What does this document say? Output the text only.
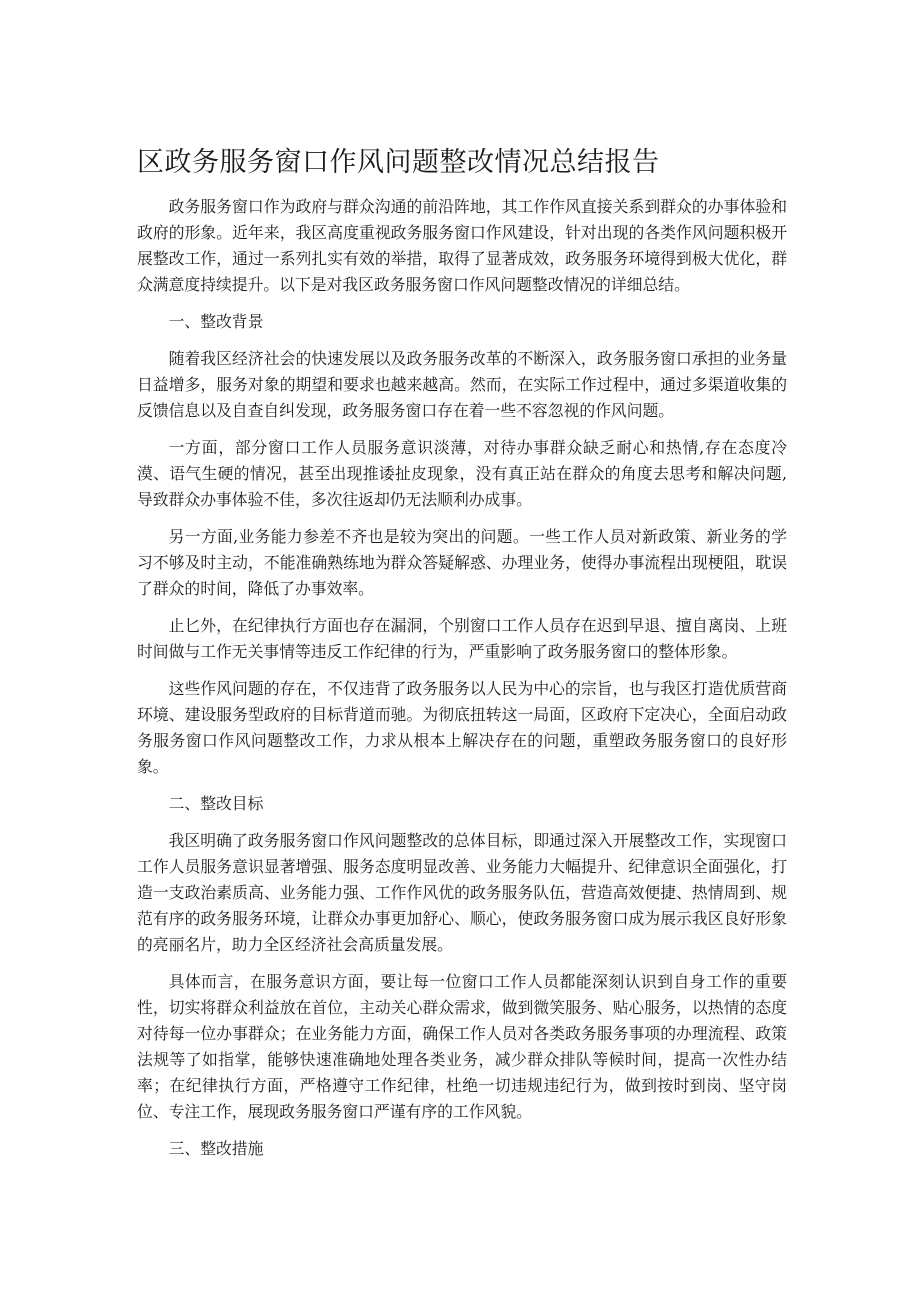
区政务服务窗口作风问题整改情况总结报告

政务服务窗口作为政府与群众沟通的前沿阵地，其工作作风直接关系到群众的办事体验和政府的形象。近年来，我区高度重视政务服务窗口作风建设，针对出现的各类作风问题积极开展整改工作，通过一系列扎实有效的举措，取得了显著成效，政务服务环境得到极大优化，群众满意度持续提升。以下是对我区政务服务窗口作风问题整改情况的详细总结。

一、整改背景

随着我区经济社会的快速发展以及政务服务改革的不断深入，政务服务窗口承担的业务量日益增多，服务对象的期望和要求也越来越高。然而，在实际工作过程中，通过多渠道收集的反馈信息以及自查自纠发现，政务服务窗口存在着一些不容忽视的作风问题。

一方面，部分窗口工作人员服务意识淡薄，对待办事群众缺乏耐心和热情,存在态度冷漠、语气生硬的情况，甚至出现推诿扯皮现象，没有真正站在群众的角度去思考和解决问题,导致群众办事体验不佳，多次往返却仍无法顺利办成事。

另一方面,业务能力参差不齐也是较为突出的问题。一些工作人员对新政策、新业务的学习不够及时主动，不能准确熟练地为群众答疑解惑、办理业务，使得办事流程出现梗阻，耽误了群众的时间，降低了办事效率。

止匕外，在纪律执行方面也存在漏洞，个别窗口工作人员存在迟到早退、擅自离岗、上班时间做与工作无关事情等违反工作纪律的行为，严重影响了政务服务窗口的整体形象。

这些作风问题的存在，不仅违背了政务服务以人民为中心的宗旨，也与我区打造优质营商环境、建设服务型政府的目标背道而驰。为彻底扭转这一局面，区政府下定决心，全面启动政务服务窗口作风问题整改工作，力求从根本上解决存在的问题，重塑政务服务窗口的良好形象。

二、整改目标

我区明确了政务服务窗口作风问题整改的总体目标，即通过深入开展整改工作，实现窗口工作人员服务意识显著增强、服务态度明显改善、业务能力大幅提升、纪律意识全面强化，打造一支政治素质高、业务能力强、工作作风优的政务服务队伍，营造高效便捷、热情周到、规范有序的政务服务环境，让群众办事更加舒心、顺心，使政务服务窗口成为展示我区良好形象的亮丽名片，助力全区经济社会高质量发展。

具体而言，在服务意识方面，要让每一位窗口工作人员都能深刻认识到自身工作的重要性，切实将群众利益放在首位，主动关心群众需求，做到微笑服务、贴心服务，以热情的态度对待每一位办事群众；在业务能力方面，确保工作人员对各类政务服务事项的办理流程、政策法规等了如指掌，能够快速准确地处理各类业务，减少群众排队等候时间，提高一次性办结率；在纪律执行方面，严格遵守工作纪律，杜绝一切违规违纪行为，做到按时到岗、坚守岗位、专注工作，展现政务服务窗口严谨有序的工作风貌。

三、整改措施
